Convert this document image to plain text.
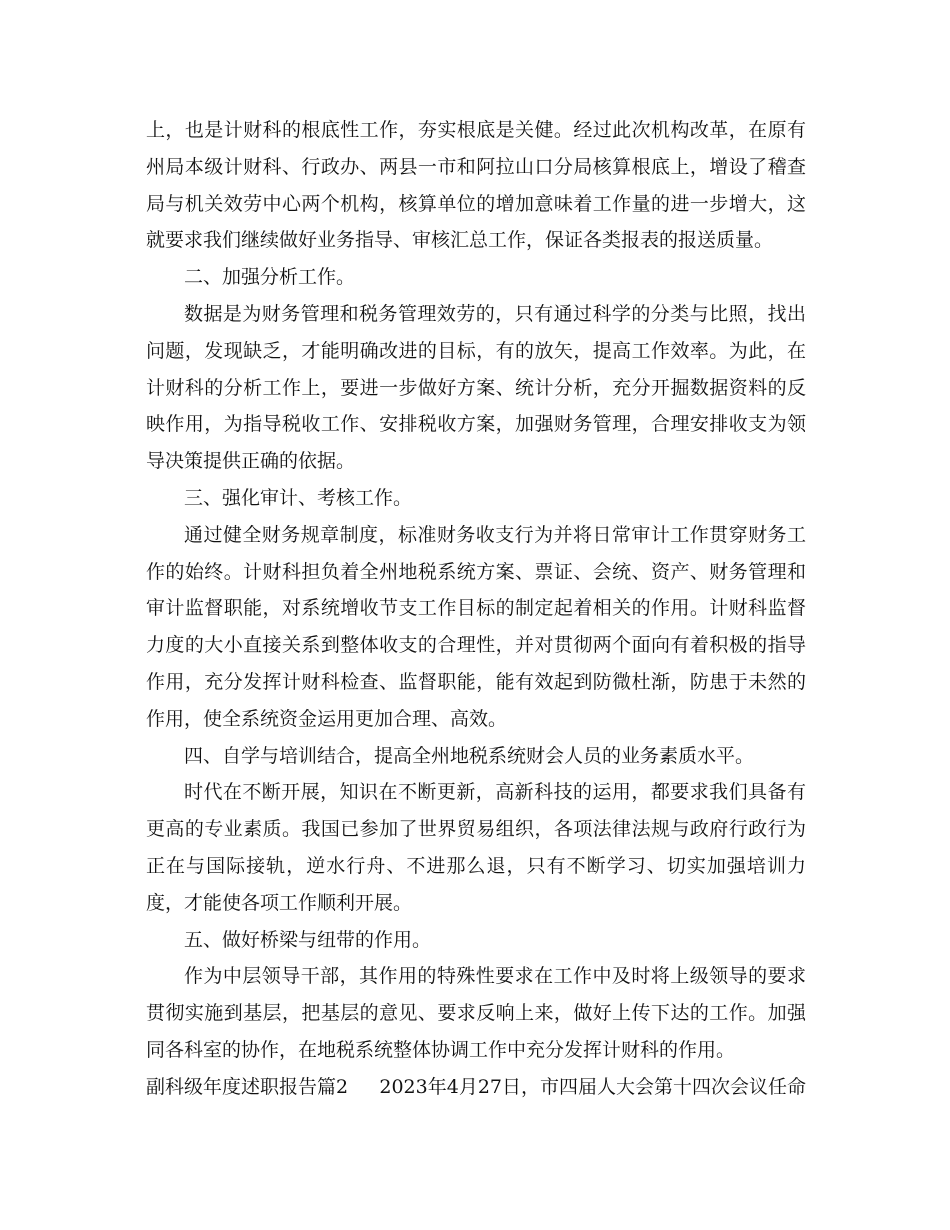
上，也是计财科的根底性工作，夯实根底是关健。经过此次机构改革，在原有州局本级计财科、行政办、两县一市和阿拉山口分局核算根底上，增设了稽查局与机关效劳中心两个机构，核算单位的增加意味着工作量的进一步增大，这就要求我们继续做好业务指导、审核汇总工作，保证各类报表的报送质量。

二、加强分析工作。

数据是为财务管理和税务管理效劳的，只有通过科学的分类与比照，找出问题，发现缺乏，才能明确改进的目标，有的放矢，提高工作效率。为此，在计财科的分析工作上，要进一步做好方案、统计分析，充分开掘数据资料的反映作用，为指导税收工作、安排税收方案，加强财务管理，合理安排收支为领导决策提供正确的依据。

三、强化审计、考核工作。

通过健全财务规章制度，标准财务收支行为并将日常审计工作贯穿财务工作的始终。计财科担负着全州地税系统方案、票证、会统、资产、财务管理和审计监督职能，对系统增收节支工作目标的制定起着相关的作用。计财科监督力度的大小直接关系到整体收支的合理性，并对贯彻两个面向有着积极的指导作用，充分发挥计财科检查、监督职能，能有效起到防微杜渐，防患于未然的作用，使全系统资金运用更加合理、高效。

四、自学与培训结合，提高全州地税系统财会人员的业务素质水平。

时代在不断开展，知识在不断更新，高新科技的运用，都要求我们具备有更高的专业素质。我国已参加了世界贸易组织，各项法律法规与政府行政行为正在与国际接轨，逆水行舟、不进那么退，只有不断学习、切实加强培训力度，才能使各项工作顺利开展。

五、做好桥梁与纽带的作用。

作为中层领导干部，其作用的特殊性要求在工作中及时将上级领导的要求贯彻实施到基层，把基层的意见、要求反响上来，做好上传下达的工作。加强同各科室的协作，在地税系统整体协调工作中充分发挥计财科的作用。

副科级年度述职报告篇2 2023年4月27日，市四届人大会第十四次会议任命
